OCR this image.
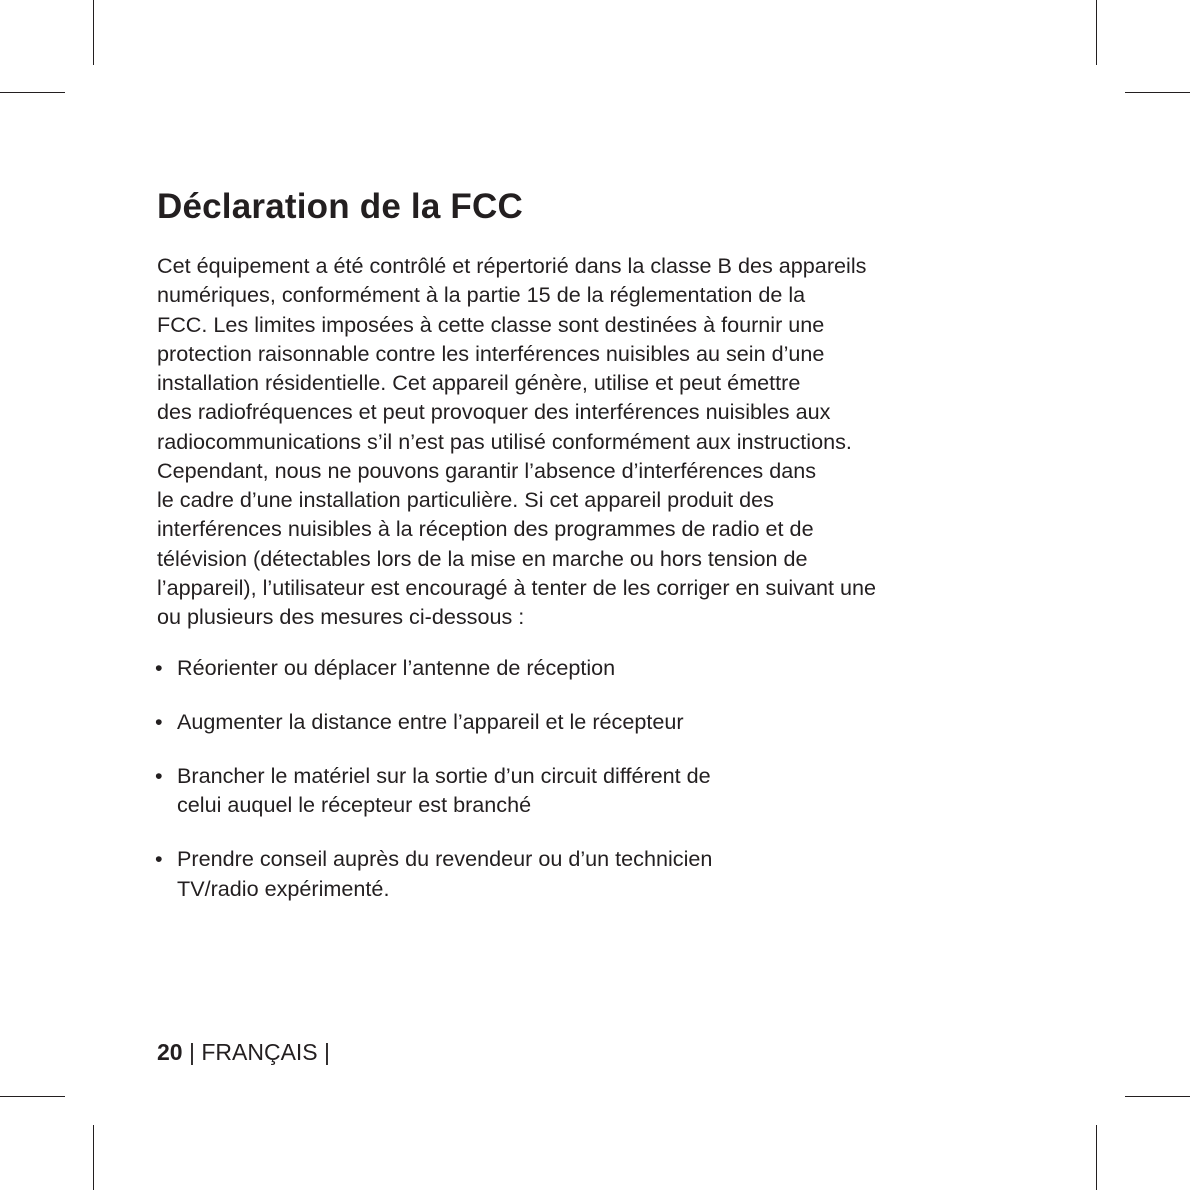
Déclaration de la FCC
Cet équipement a été contrôlé et répertorié dans la classe B des appareils
numériques, conformément à la partie 15 de la réglementation de la
FCC. Les limites imposées à cette classe sont destinées à fournir une
protection raisonnable contre les interférences nuisibles au sein d’une
installation résidentielle. Cet appareil génère, utilise et peut émettre
des radiofréquences et peut provoquer des interférences nuisibles aux
radiocommunications s’il n’est pas utilisé conformément aux instructions.
Cependant, nous ne pouvons garantir l’absence d’interférences dans
le cadre d’une installation particulière. Si cet appareil produit des
interférences nuisibles à la réception des programmes de radio et de
télévision (détectables lors de la mise en marche ou hors tension de
l’appareil), l’utilisateur est encouragé à tenter de les corriger en suivant une
ou plusieurs des mesures ci-dessous :
• Réorienter ou déplacer l’antenne de réception
• Augmenter la distance entre l’appareil et le récepteur
• Brancher le matériel sur la sortie d’un circuit différent de
celui auquel le récepteur est branché
• Prendre conseil auprès du revendeur ou d’un technicien
TV/radio expérimenté.
20 | FRANÇAIS |
